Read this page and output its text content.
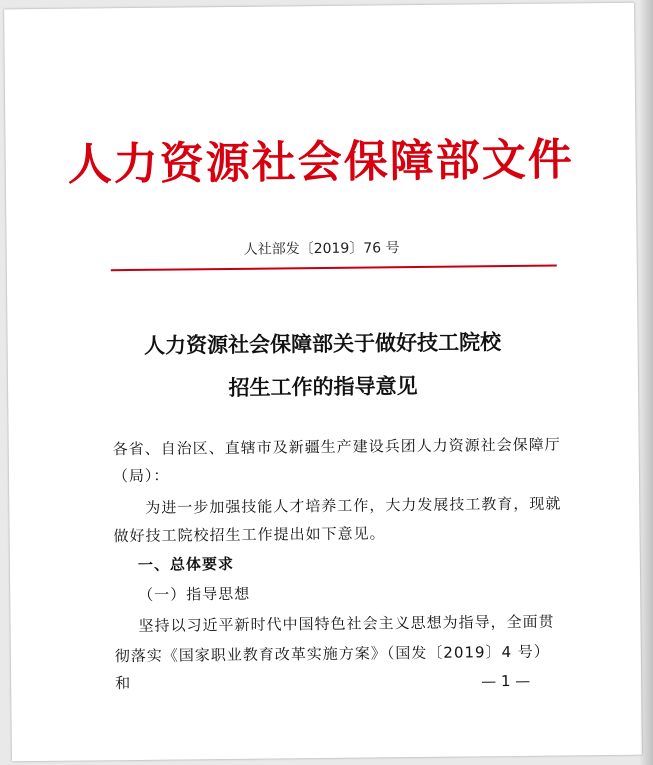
人力资源社会保障部文件
人社部发〔2019〕76 号
人力资源社会保障部关于做好技工院校
招生工作的指导意见
各省、自治区、直辖市及新疆生产建设兵团人力资源社会保障厅
（局）：
为进一步加强技能人才培养工作，大力发展技工教育，现就
做好技工院校招生工作提出如下意见。
一、总体要求
（一）指导思想
坚持以习近平新时代中国特色社会主义思想为指导，全面贯
彻落实《国家职业教育改革实施方案》（国发〔2019〕4 号）和	— 1 —
